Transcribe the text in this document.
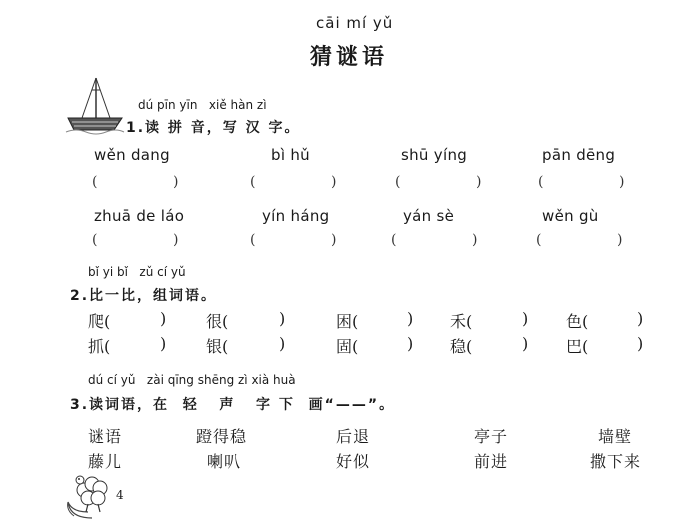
cāi mí yǔ
猜谜语
dú pīn yīn   xiě hàn zì
1.读 拼 音，写 汉 字。
wěn dang	bì hǔ	shū yíng	pān dēng
(	)	(	)	(	)	(	)
zhuā de láo	yín háng	yán sè	wěn gù
(	)	(	)	(	)	(	)
bǐ yi bǐ   zǔ cí yǔ
2.比一比，组词语。
爬(	) 很(	)	困(	) 禾(	) 色(	)
抓(	) 银(	)	固(	) 稳(	) 巴(	)
dú cí yǔ   zài qīng shēng zì xià huà
3.读词语，在  轻   声   字 下  画“——”。
谜语	蹬得稳	后退	亭子	墙壁
藤儿	喇叭	好似	前进	撒下来
4
